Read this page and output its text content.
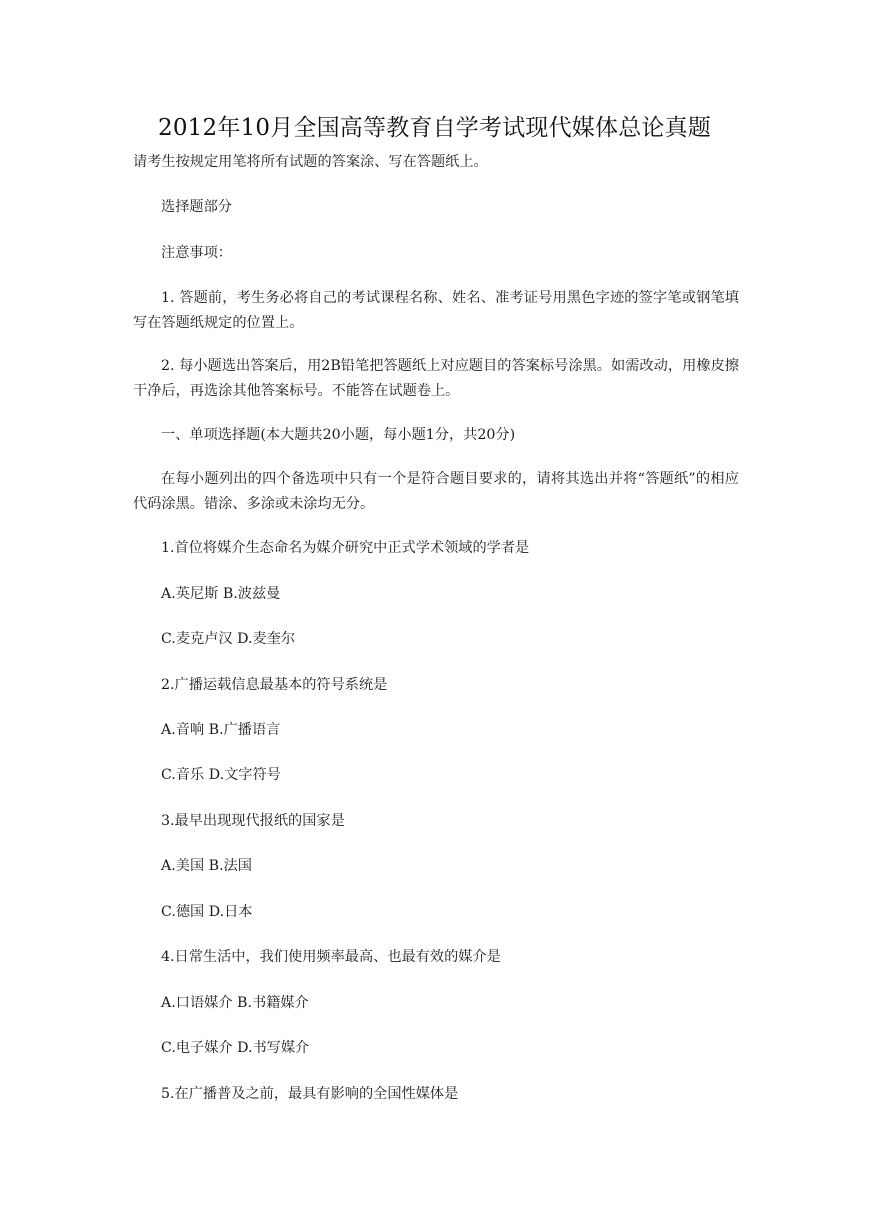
2012年10月全国高等教育自学考试现代媒体总论真题
请考生按规定用笔将所有试题的答案涂、写在答题纸上。
选择题部分
注意事项：
1. 答题前，考生务必将自己的考试课程名称、姓名、准考证号用黑色字迹的签字笔或钢笔填写在答题纸规定的位置上。
2. 每小题选出答案后，用2B铅笔把答题纸上对应题目的答案标号涂黑。如需改动，用橡皮擦干净后，再选涂其他答案标号。不能答在试题卷上。
一、单项选择题(本大题共20小题，每小题1分，共20分)
在每小题列出的四个备选项中只有一个是符合题目要求的，请将其选出并将“答题纸”的相应代码涂黑。错涂、多涂或未涂均无分。
1.首位将媒介生态命名为媒介研究中正式学术领域的学者是
A.英尼斯 B.波兹曼
C.麦克卢汉 D.麦奎尔
2.广播运载信息最基本的符号系统是
A.音响 B.广播语言
C.音乐 D.文字符号
3.最早出现现代报纸的国家是
A.美国 B.法国
C.德国 D.日本
4.日常生活中，我们使用频率最高、也最有效的媒介是
A.口语媒介 B.书籍媒介
C.电子媒介 D.书写媒介
5.在广播普及之前，最具有影响的全国性媒体是
